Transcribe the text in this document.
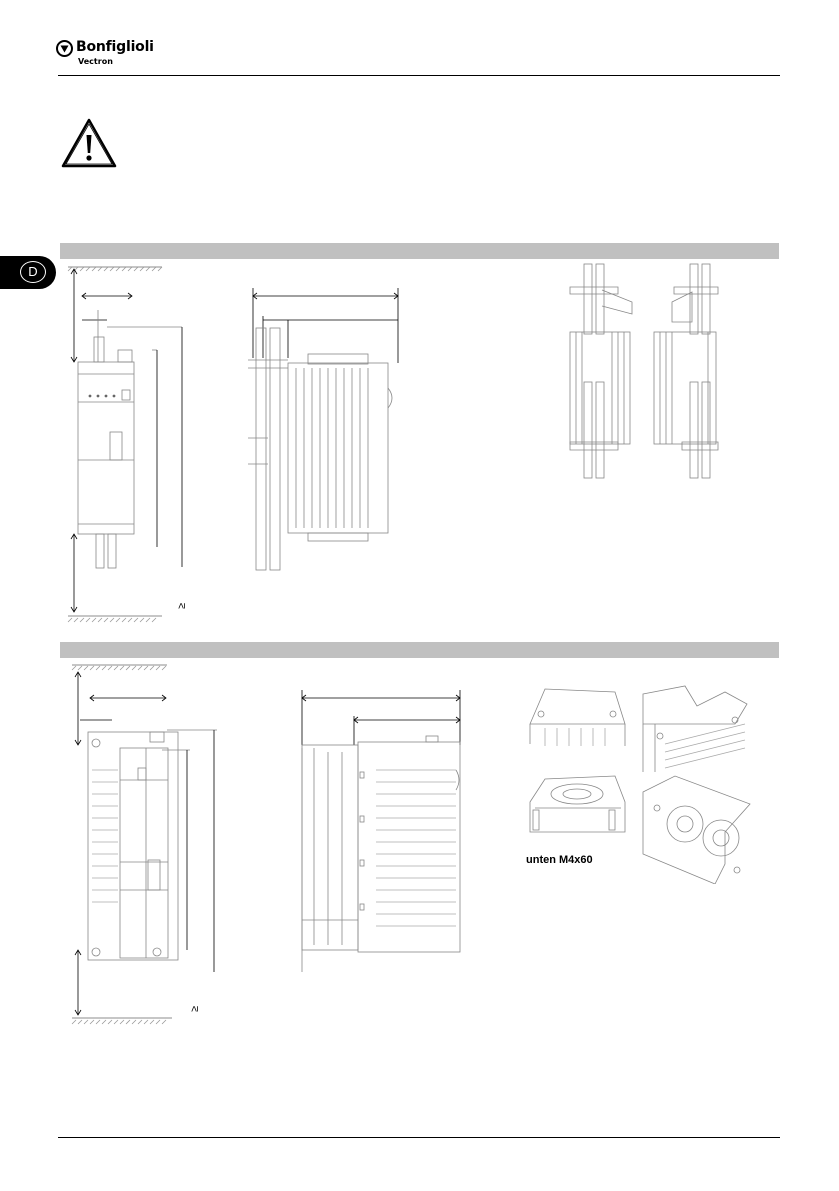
Bonfiglioli
Vectron
D
≥
≥
unten M4x60
